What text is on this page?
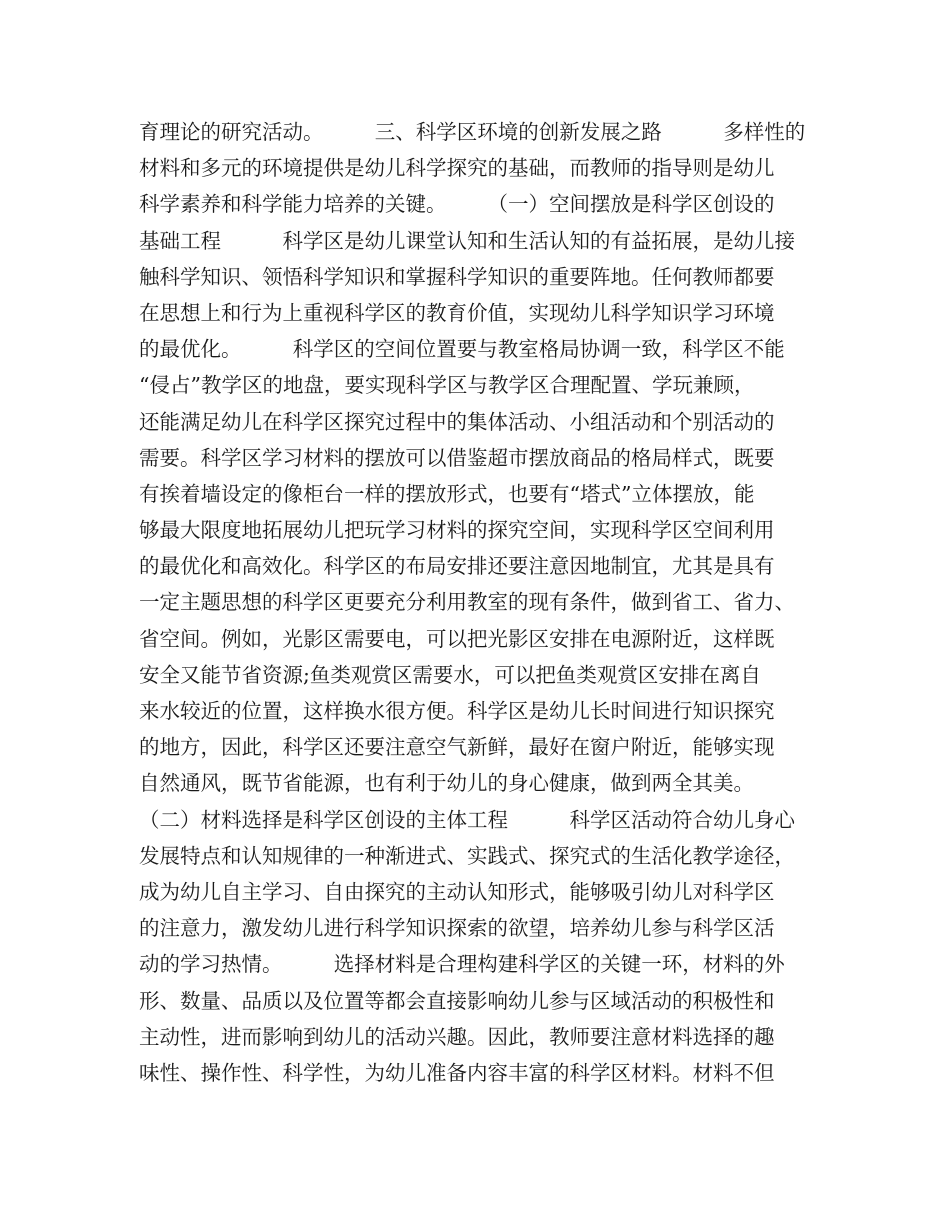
育理论的研究活动。　　　三、科学区环境的创新发展之路　　　多样性的
材料和多元的环境提供是幼儿科学探究的基础，而教师的指导则是幼儿
科学素养和科学能力培养的关键。　　　（一）空间摆放是科学区创设的
基础工程　　　科学区是幼儿课堂认知和生活认知的有益拓展，是幼儿接
触科学知识、领悟科学知识和掌握科学知识的重要阵地。任何教师都要
在思想上和行为上重视科学区的教育价值，实现幼儿科学知识学习环境
的最优化。　　　科学区的空间位置要与教室格局协调一致，科学区不能
“侵占”教学区的地盘，要实现科学区与教学区合理配置、学玩兼顾，
还能满足幼儿在科学区探究过程中的集体活动、小组活动和个别活动的
需要。科学区学习材料的摆放可以借鉴超市摆放商品的格局样式，既要
有挨着墙设定的像柜台一样的摆放形式，也要有“塔式”立体摆放，能
够最大限度地拓展幼儿把玩学习材料的探究空间，实现科学区空间利用
的最优化和高效化。科学区的布局安排还要注意因地制宜，尤其是具有
一定主题思想的科学区更要充分利用教室的现有条件，做到省工、省力、
省空间。例如，光影区需要电，可以把光影区安排在电源附近，这样既
安全又能节省资源;鱼类观赏区需要水，可以把鱼类观赏区安排在离自
来水较近的位置，这样换水很方便。科学区是幼儿长时间进行知识探究
的地方，因此，科学区还要注意空气新鲜，最好在窗户附近，能够实现
自然通风，既节省能源，也有利于幼儿的身心健康，做到两全其美。
（二）材料选择是科学区创设的主体工程　　　科学区活动符合幼儿身心
发展特点和认知规律的一种渐进式、实践式、探究式的生活化教学途径，
成为幼儿自主学习、自由探究的主动认知形式，能够吸引幼儿对科学区
的注意力，激发幼儿进行科学知识探索的欲望，培养幼儿参与科学区活
动的学习热情。　　　选择材料是合理构建科学区的关键一环，材料的外
形、数量、品质以及位置等都会直接影响幼儿参与区域活动的积极性和
主动性，进而影响到幼儿的活动兴趣。因此，教师要注意材料选择的趣
味性、操作性、科学性，为幼儿准备内容丰富的科学区材料。材料不但
